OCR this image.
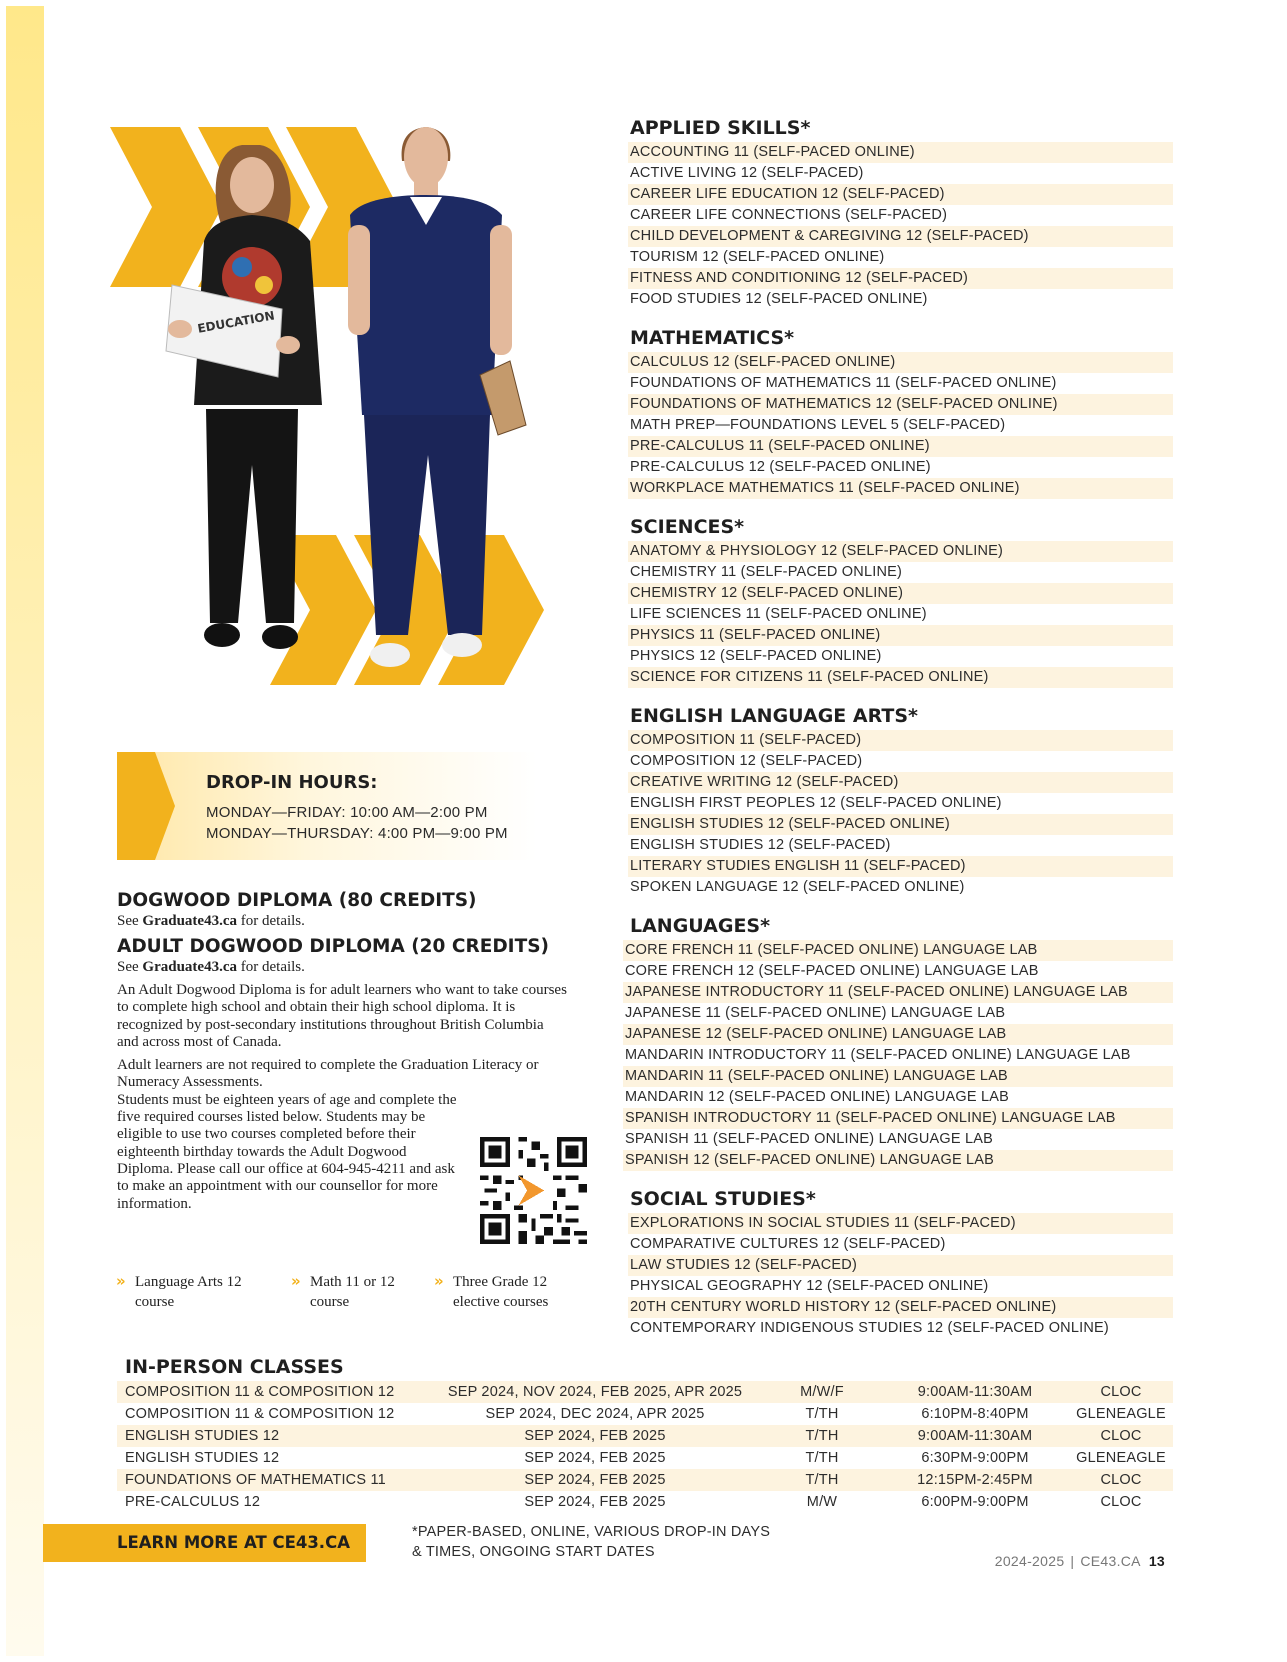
EDUCATION
APPLIED SKILLS*
ACCOUNTING 11 (SELF-PACED ONLINE)
ACTIVE LIVING 12 (SELF-PACED)
CAREER LIFE EDUCATION 12 (SELF-PACED)
CAREER LIFE CONNECTIONS (SELF-PACED)
CHILD DEVELOPMENT & CAREGIVING 12 (SELF-PACED)
TOURISM 12 (SELF-PACED ONLINE)
FITNESS AND CONDITIONING 12 (SELF-PACED)
FOOD STUDIES 12 (SELF-PACED ONLINE)
MATHEMATICS*
CALCULUS 12 (SELF-PACED ONLINE)
FOUNDATIONS OF MATHEMATICS 11 (SELF-PACED ONLINE)
FOUNDATIONS OF MATHEMATICS 12 (SELF-PACED ONLINE)
MATH PREP—FOUNDATIONS LEVEL 5 (SELF-PACED)
PRE-CALCULUS 11 (SELF-PACED ONLINE)
PRE-CALCULUS 12 (SELF-PACED ONLINE)
WORKPLACE MATHEMATICS 11 (SELF-PACED ONLINE)
SCIENCES*
ANATOMY & PHYSIOLOGY 12 (SELF-PACED ONLINE)
CHEMISTRY 11 (SELF-PACED ONLINE)
CHEMISTRY 12 (SELF-PACED ONLINE)
LIFE SCIENCES 11 (SELF-PACED ONLINE)
PHYSICS 11 (SELF-PACED ONLINE)
PHYSICS 12 (SELF-PACED ONLINE)
SCIENCE FOR CITIZENS 11 (SELF-PACED ONLINE)
ENGLISH LANGUAGE ARTS*
COMPOSITION 11 (SELF-PACED)
COMPOSITION 12 (SELF-PACED)
CREATIVE WRITING 12 (SELF-PACED)
ENGLISH FIRST PEOPLES 12 (SELF-PACED ONLINE)
ENGLISH STUDIES 12 (SELF-PACED ONLINE)
ENGLISH STUDIES 12 (SELF-PACED)
LITERARY STUDIES ENGLISH 11 (SELF-PACED)
SPOKEN LANGUAGE 12 (SELF-PACED ONLINE)
LANGUAGES*
CORE FRENCH 11 (SELF-PACED ONLINE) LANGUAGE LAB
CORE FRENCH 12 (SELF-PACED ONLINE) LANGUAGE LAB
JAPANESE INTRODUCTORY 11 (SELF-PACED ONLINE) LANGUAGE LAB
JAPANESE 11 (SELF-PACED ONLINE) LANGUAGE LAB
JAPANESE 12 (SELF-PACED ONLINE) LANGUAGE LAB
MANDARIN INTRODUCTORY 11 (SELF-PACED ONLINE) LANGUAGE LAB
MANDARIN 11 (SELF-PACED ONLINE) LANGUAGE LAB
MANDARIN 12 (SELF-PACED ONLINE) LANGUAGE LAB
SPANISH INTRODUCTORY 11 (SELF-PACED ONLINE) LANGUAGE LAB
SPANISH 11 (SELF-PACED ONLINE) LANGUAGE LAB
SPANISH 12 (SELF-PACED ONLINE) LANGUAGE LAB
SOCIAL STUDIES*
EXPLORATIONS IN SOCIAL STUDIES 11 (SELF-PACED)
COMPARATIVE CULTURES 12 (SELF-PACED)
LAW STUDIES 12 (SELF-PACED)
PHYSICAL GEOGRAPHY 12 (SELF-PACED ONLINE)
20TH CENTURY WORLD HISTORY 12 (SELF-PACED ONLINE)
CONTEMPORARY INDIGENOUS STUDIES 12 (SELF-PACED ONLINE)
DROP-IN HOURS:
MONDAY—FRIDAY: 10:00 AM—2:00 PM
MONDAY—THURSDAY: 4:00 PM—9:00 PM
DOGWOOD DIPLOMA (80 CREDITS)
See Graduate43.ca for details.
ADULT DOGWOOD DIPLOMA (20 CREDITS)
See Graduate43.ca for details.

An Adult Dogwood Diploma is for adult learners who want to take courses to complete high school and obtain their high school diploma. It is recognized by post-secondary institutions throughout British Columbia and across most of Canada.

Adult learners are not required to complete the Graduation Literacy or Numeracy Assessments.

Students must be eighteen years of age and complete the five required courses listed below. Students may be eligible to use two courses completed before their eighteenth birthday towards the Adult Dogwood Diploma. Please call our office at 604-945-4211 and ask to make an appointment with our counsellor for more information.

» Language Arts 12
course
» Math 11 or 12
course
» Three Grade 12
elective courses
IN-PERSON CLASSES
COMPOSITION 11 & COMPOSITION 12	SEP 2024, NOV 2024, FEB 2025, APR 2025	M/W/F	9:00AM-11:30AM	CLOC
COMPOSITION 11 & COMPOSITION 12	SEP 2024, DEC 2024, APR 2025	T/TH	6:10PM-8:40PM	GLENEAGLE
ENGLISH STUDIES 12	SEP 2024, FEB 2025	T/TH	9:00AM-11:30AM	CLOC
ENGLISH STUDIES 12	SEP 2024, FEB 2025	T/TH	6:30PM-9:00PM	GLENEAGLE
FOUNDATIONS OF MATHEMATICS 11	SEP 2024, FEB 2025	T/TH	12:15PM-2:45PM	CLOC
PRE-CALCULUS 12	SEP 2024, FEB 2025	M/W	6:00PM-9:00PM	CLOC
LEARN MORE AT CE43.CA
*PAPER-BASED, ONLINE, VARIOUS DROP-IN DAYS
& TIMES, ONGOING START DATES
2024-2025 | CE43.CA 13
